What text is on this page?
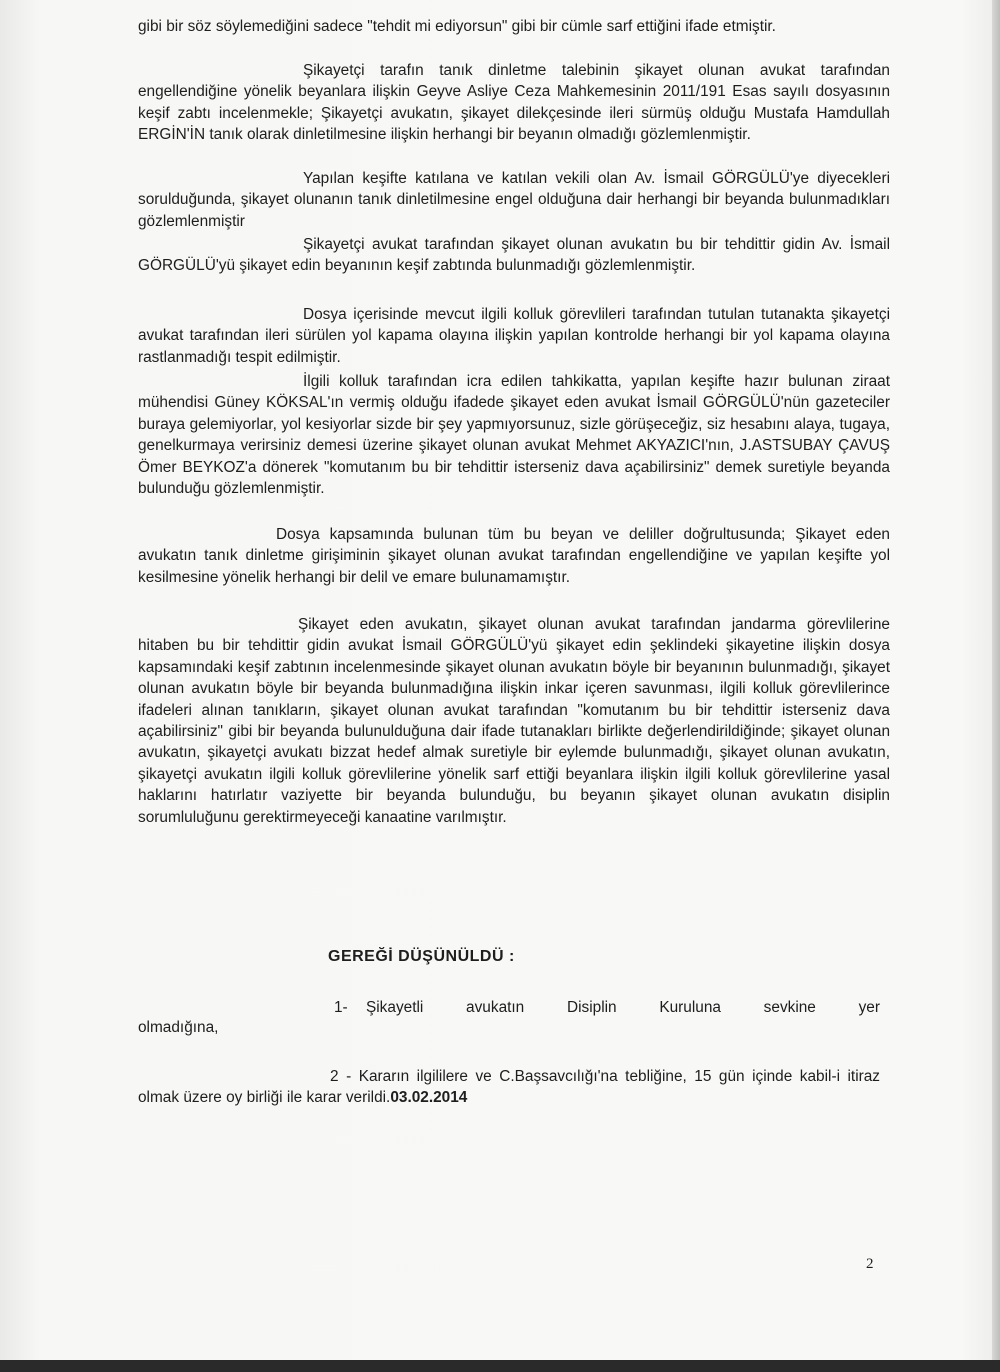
gibi bir söz söylemediğini sadece "tehdit mi ediyorsun" gibi bir cümle sarf ettiğini ifade etmiştir.

Şikayetçi tarafın tanık dinletme talebinin şikayet olunan avukat tarafından engellendiğine yönelik beyanlara ilişkin Geyve Asliye Ceza Mahkemesinin 2011/191 Esas sayılı dosyasının keşif zabtı incelenmekle; Şikayetçi avukatın, şikayet dilekçesinde ileri sürmüş olduğu Mustafa Hamdullah ERGİN'İN tanık olarak dinletilmesine ilişkin herhangi bir beyanın olmadığı gözlemlenmiştir.

Yapılan keşifte katılana ve katılan vekili olan Av. İsmail GÖRGÜLÜ'ye diyecekleri sorulduğunda, şikayet olunanın tanık dinletilmesine engel olduğuna dair herhangi bir beyanda bulunmadıkları gözlemlenmiştir

Şikayetçi avukat tarafından şikayet olunan avukatın bu bir tehdittir gidin Av. İsmail GÖRGÜLÜ'yü şikayet edin beyanının keşif zabtında bulunmadığı gözlemlenmiştir.

Dosya içerisinde mevcut ilgili kolluk görevlileri tarafından tutulan tutanakta şikayetçi avukat tarafından ileri sürülen yol kapama olayına ilişkin yapılan kontrolde herhangi bir yol kapama olayına rastlanmadığı tespit edilmiştir.

İlgili kolluk tarafından icra edilen tahkikatta, yapılan keşifte hazır bulunan ziraat mühendisi Güney KÖKSAL'ın vermiş olduğu ifadede şikayet eden avukat İsmail GÖRGÜLÜ'nün gazeteciler buraya gelemiyorlar, yol kesiyorlar sizde bir şey yapmıyorsunuz, sizle görüşeceğiz, siz hesabını alaya, tugaya, genelkurmaya verirsiniz demesi üzerine şikayet olunan avukat Mehmet AKYAZICI'nın, J.ASTSUBAY ÇAVUŞ Ömer BEYKOZ'a dönerek "komutanım bu bir tehdittir isterseniz dava açabilirsiniz" demek suretiyle beyanda bulunduğu gözlemlenmiştir.

Dosya kapsamında bulunan tüm bu beyan ve deliller doğrultusunda; Şikayet eden avukatın tanık dinletme girişiminin şikayet olunan avukat tarafından engellendiğine ve yapılan keşifte yol kesilmesine yönelik herhangi bir delil ve emare bulunamamıştır.

Şikayet eden avukatın, şikayet olunan avukat tarafından jandarma görevlilerine hitaben bu bir tehdittir gidin avukat İsmail GÖRGÜLÜ'yü şikayet edin şeklindeki şikayetine ilişkin dosya kapsamındaki keşif zabtının incelenmesinde şikayet olunan avukatın böyle bir beyanının bulunmadığı, şikayet olunan avukatın böyle bir beyanda bulunmadığına ilişkin inkar içeren savunması, ilgili kolluk görevlilerince ifadeleri alınan tanıkların, şikayet olunan avukat tarafından "komutanım bu bir tehdittir isterseniz dava açabilirsiniz" gibi bir beyanda bulunulduğuna dair ifade tutanakları birlikte değerlendirildiğinde; şikayet olunan avukatın, şikayetçi avukatı bizzat hedef almak suretiyle bir eylemde bulunmadığı, şikayet olunan avukatın, şikayetçi avukatın ilgili kolluk görevlilerine yönelik sarf ettiği beyanlara ilişkin ilgili kolluk görevlilerine yasal haklarını hatırlatır vaziyette bir beyanda bulunduğu, bu beyanın şikayet olunan avukatın disiplin sorumluluğunu gerektirmeyeceği kanaatine varılmıştır.

GEREĞİ DÜŞÜNÜLDÜ :
1- Şikayetli avukatın Disiplin Kuruluna sevkine yer
olmadığına,

2 - Kararın ilgililere ve C.Başsavcılığı'na tebliğine, 15 gün içinde kabil-i itiraz olmak üzere oy birliği ile karar verildi.03.02.2014

2
